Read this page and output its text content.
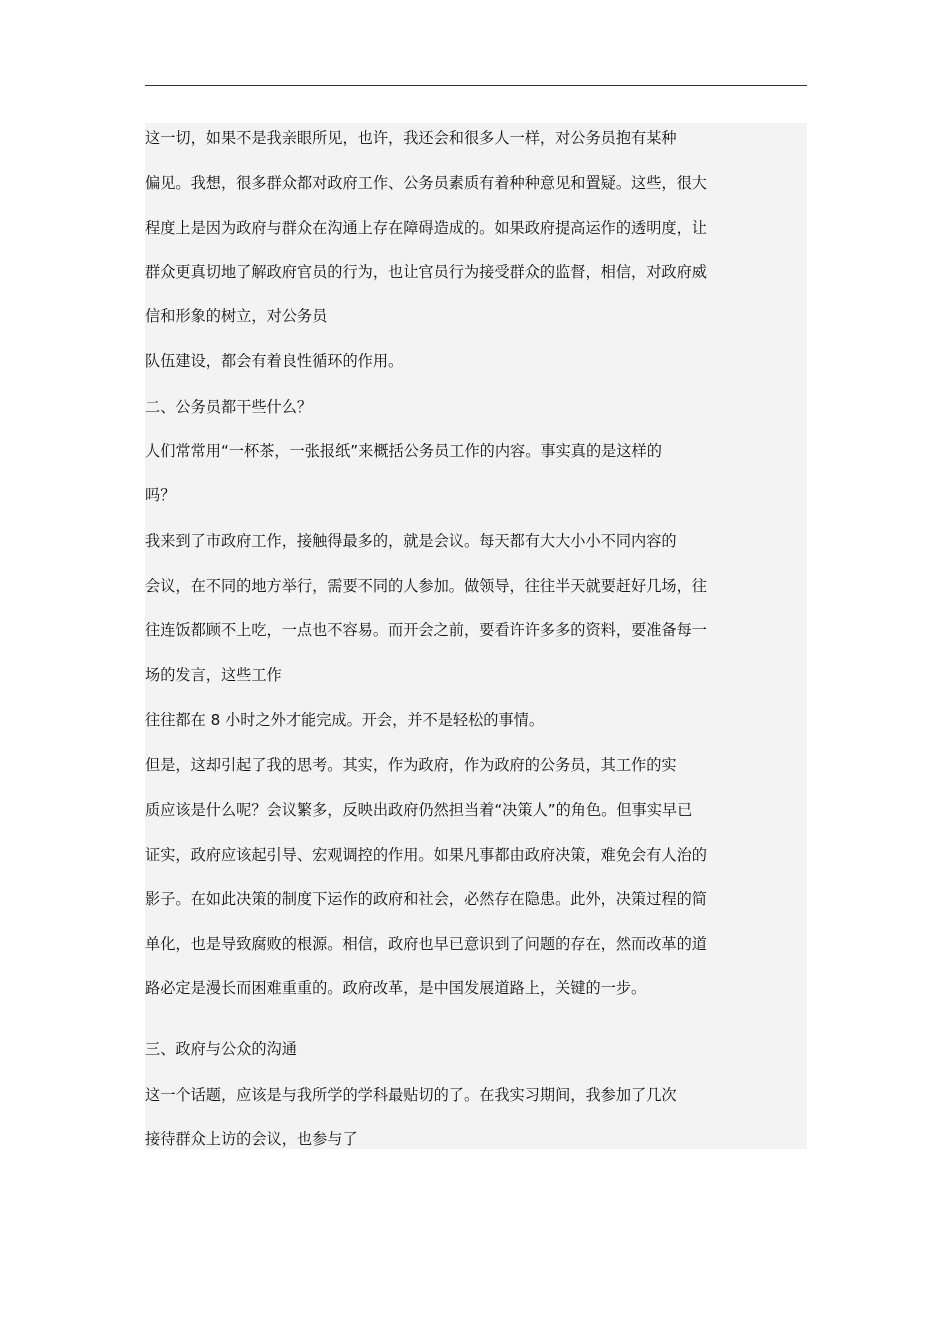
这一切，如果不是我亲眼所见，也许，我还会和很多人一样，对公务员抱有某种
偏见。我想，很多群众都对政府工作、公务员素质有着种种意见和置疑。这些，很大
程度上是因为政府与群众在沟通上存在障碍造成的。如果政府提高运作的透明度，让
群众更真切地了解政府官员的行为，也让官员行为接受群众的监督，相信，对政府威
信和形象的树立，对公务员
队伍建设，都会有着良性循环的作用。
二、公务员都干些什么？
人们常常用“一杯茶，一张报纸”来概括公务员工作的内容。事实真的是这样的
吗？
我来到了市政府工作，接触得最多的，就是会议。每天都有大大小小不同内容的
会议，在不同的地方举行，需要不同的人参加。做领导，往往半天就要赶好几场，往
往连饭都顾不上吃，一点也不容易。而开会之前，要看许许多多的资料，要准备每一
场的发言，这些工作
往往都在 8 小时之外才能完成。开会，并不是轻松的事情。
但是，这却引起了我的思考。其实，作为政府，作为政府的公务员，其工作的实
质应该是什么呢？会议繁多，反映出政府仍然担当着“决策人”的角色。但事实早已
证实，政府应该起引导、宏观调控的作用。如果凡事都由政府决策，难免会有人治的
影子。在如此决策的制度下运作的政府和社会，必然存在隐患。此外，决策过程的简
单化，也是导致腐败的根源。相信，政府也早已意识到了问题的存在，然而改革的道
路必定是漫长而困难重重的。政府改革，是中国发展道路上，关键的一步。
三、政府与公众的沟通
这一个话题，应该是与我所学的学科最贴切的了。在我实习期间，我参加了几次
接待群众上访的会议，也参与了
